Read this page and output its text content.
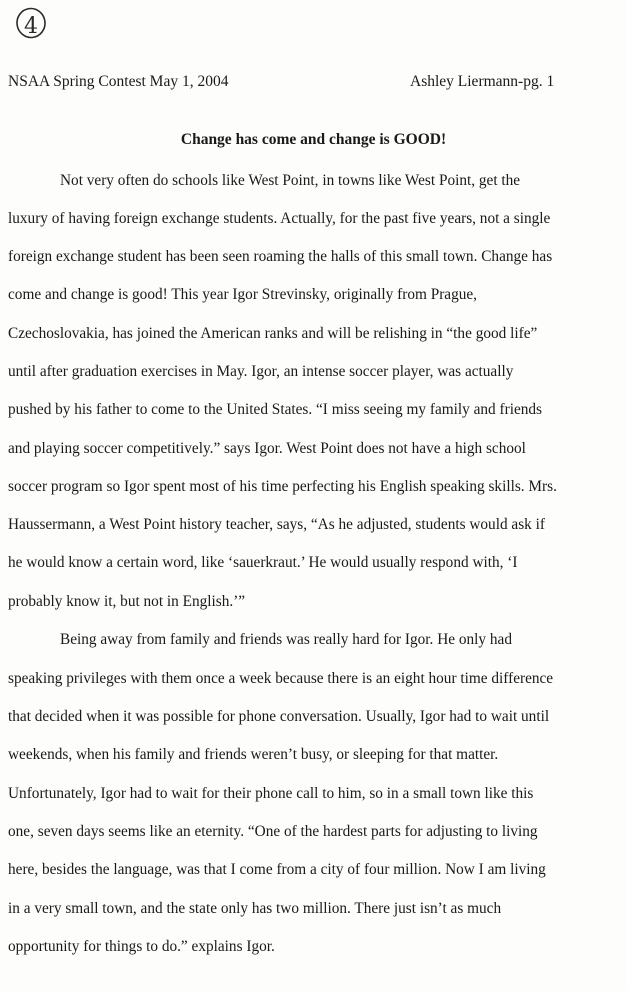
4
NSAA Spring Contest May 1, 2004	Ashley Liermann-pg. 1
Change has come and change is GOOD!
Not very often do schools like West Point, in towns like West Point, get the
luxury of having foreign exchange students. Actually, for the past five years, not a single
foreign exchange student has been seen roaming the halls of this small town. Change has
come and change is good! This year Igor Strevinsky, originally from Prague,
Czechoslovakia, has joined the American ranks and will be relishing in “the good life”
until after graduation exercises in May. Igor, an intense soccer player, was actually
pushed by his father to come to the United States. “I miss seeing my family and friends
and playing soccer competitively.” says Igor. West Point does not have a high school
soccer program so Igor spent most of his time perfecting his English speaking skills. Mrs.
Haussermann, a West Point history teacher, says, “As he adjusted, students would ask if
he would know a certain word, like ‘sauerkraut.’ He would usually respond with, ‘I
probably know it, but not in English.’”
Being away from family and friends was really hard for Igor. He only had
speaking privileges with them once a week because there is an eight hour time difference
that decided when it was possible for phone conversation. Usually, Igor had to wait until
weekends, when his family and friends weren’t busy, or sleeping for that matter.
Unfortunately, Igor had to wait for their phone call to him, so in a small town like this
one, seven days seems like an eternity. “One of the hardest parts for adjusting to living
here, besides the language, was that I come from a city of four million. Now I am living
in a very small town, and the state only has two million. There just isn’t as much
opportunity for things to do.” explains Igor.
